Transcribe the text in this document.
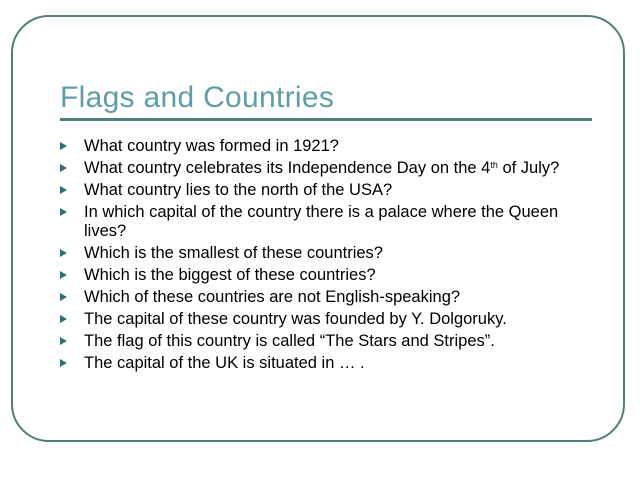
Flags and Countries
What country was formed in 1921?
What country celebrates its Independence Day on the 4th of July?
What country lies to the north of the USA?
In which capital of the country there is a palace where the Queen lives?
Which is the smallest of these countries?
Which is the biggest of these countries?
Which of these countries are not English-speaking?
The capital of these country was founded by Y. Dolgoruky.
The flag of this country is called “The Stars and Stripes”.
The capital of the UK is situated in … .
